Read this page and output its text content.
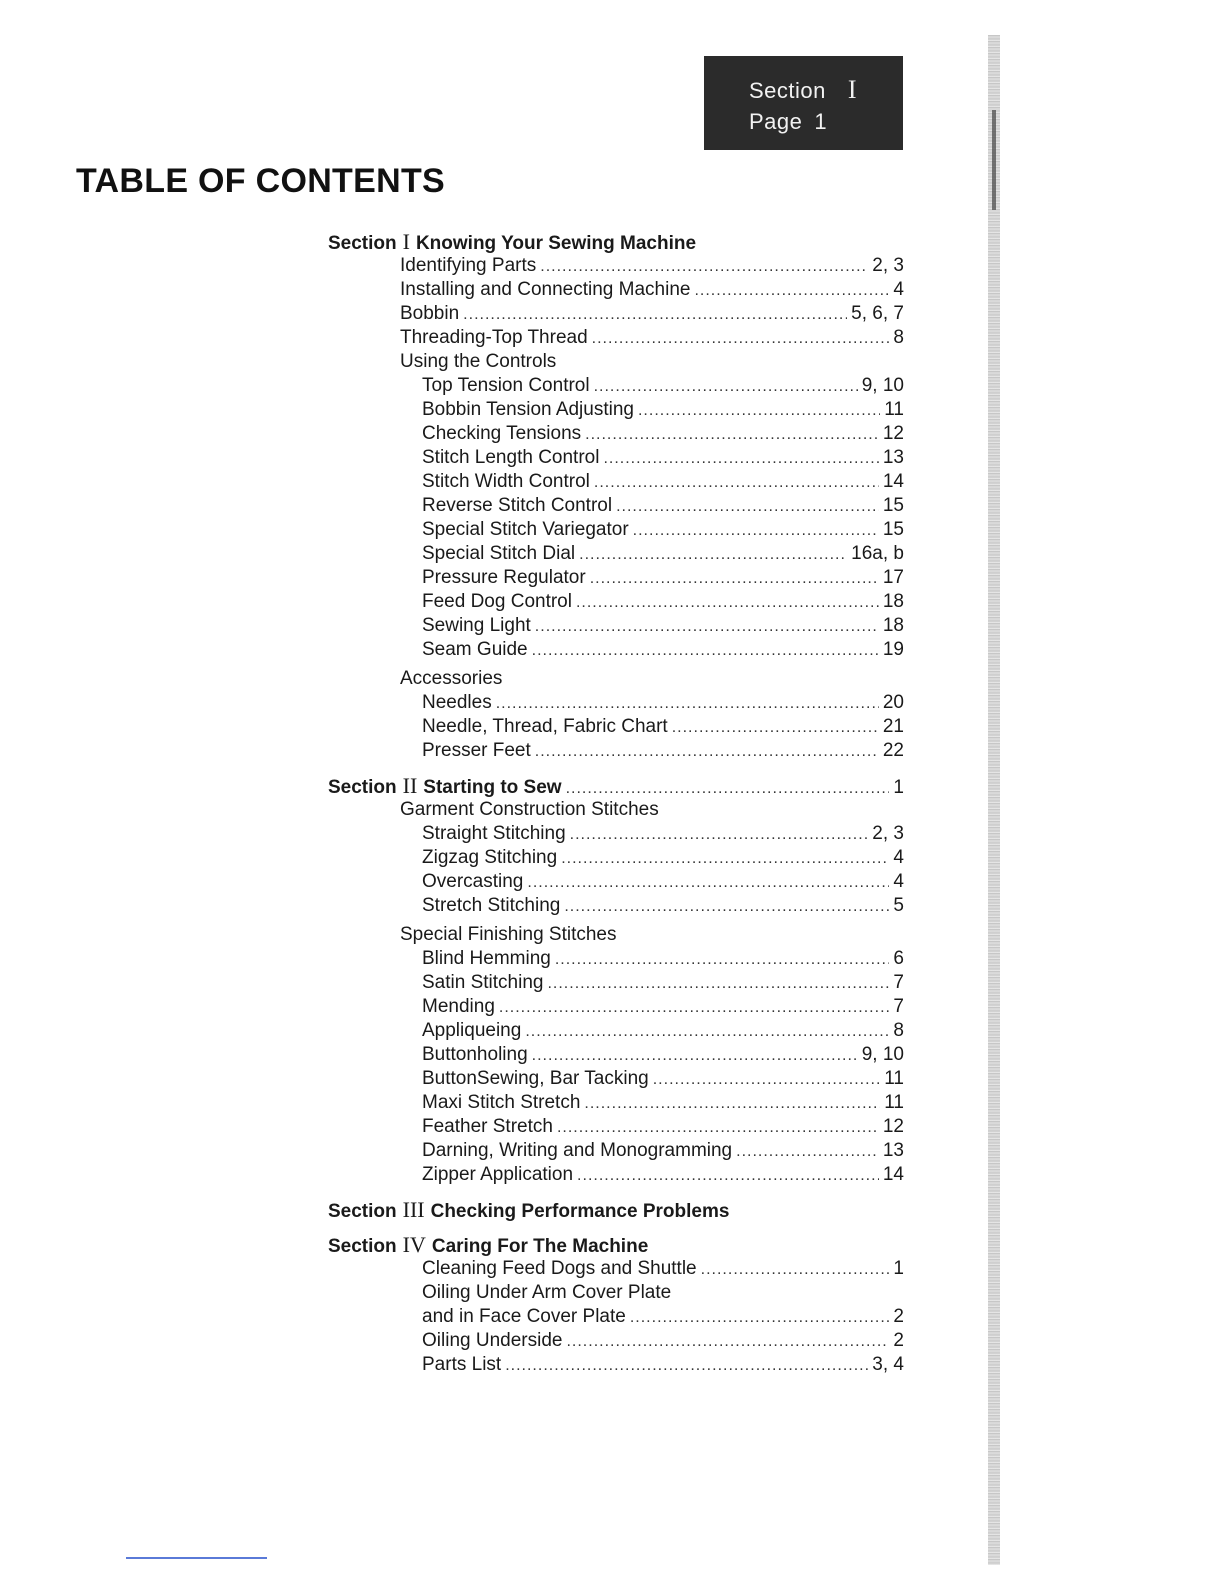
Section I
Page 1
TABLE OF CONTENTS
Section I Knowing Your Sewing Machine
Identifying Parts .....	2, 3
Installing and Connecting Machine .....	4
Bobbin .....	5, 6, 7
Threading-Top Thread .....	8
Using the Controls
Top Tension Control .....	9, 10
Bobbin Tension Adjusting .....	11
Checking Tensions .....	12
Stitch Length Control .....	13
Stitch Width Control .....	14
Reverse Stitch Control .....	15
Special Stitch Variegator .....	15
Special Stitch Dial .....	16a, b
Pressure Regulator .....	17
Feed Dog Control .....	18
Sewing Light .....	18
Seam Guide .....	19
Accessories
Needles .....	20
Needle, Thread, Fabric Chart .....	21
Presser Feet .....	22
Section II Starting to Sew .....	1
Garment Construction Stitches
Straight Stitching .....	2, 3
Zigzag Stitching .....	4
Overcasting .....	4
Stretch Stitching .....	5
Special Finishing Stitches
Blind Hemming .....	6
Satin Stitching .....	7
Mending .....	7
Appliqueing .....	8
Buttonholing .....	9, 10
ButtonSewing, Bar Tacking .....	11
Maxi Stitch Stretch .....	11
Feather Stretch .....	12
Darning, Writing and Monogramming .....	13
Zipper Application .....	14
Section III Checking Performance Problems
Section IV Caring For The Machine
Cleaning Feed Dogs and Shuttle .....	1
Oiling Under Arm Cover Plate
and in Face Cover Plate .....	2
Oiling Underside .....	2
Parts List .....	3, 4
